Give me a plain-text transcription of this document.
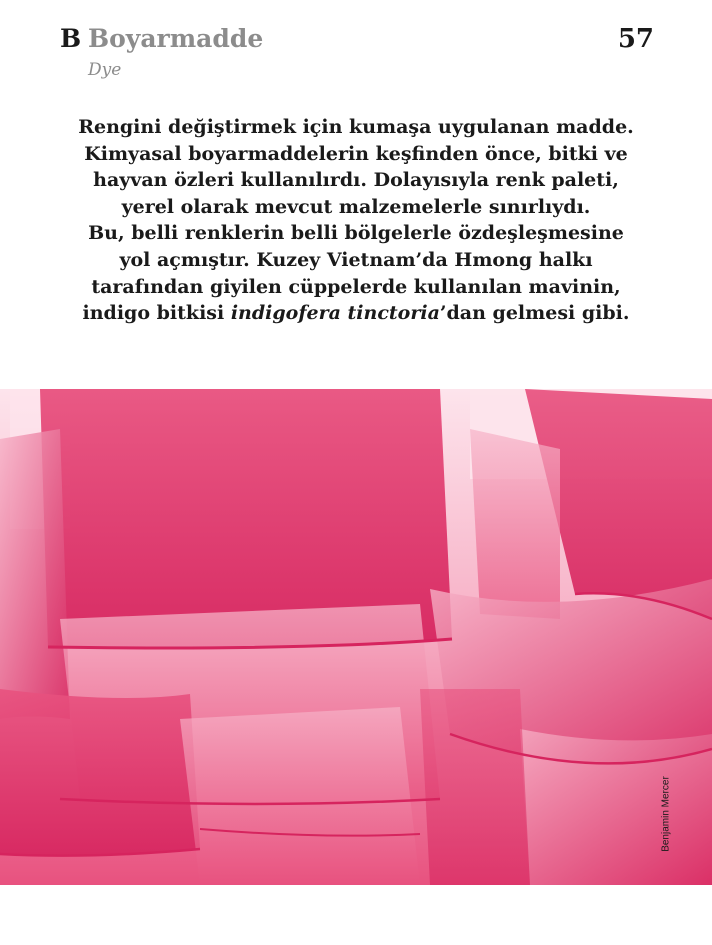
B Boyarmadde
Dye
57

Rengini değiştirmek için kumaşa uygulanan madde.
Kimyasal boyarmaddelerin keşfinden önce, bitki ve
hayvan özleri kullanılırdı. Dolayısıyla renk paleti,
yerel olarak mevcut malzemelerle sınırlıydı.
Bu, belli renklerin belli bölgelerle özdeşleşmesine
yol açmıştır. Kuzey Vietnam’da Hmong halkı
tarafından giyilen cüppelerde kullanılan mavinin,
indigo bitkisi indigofera tinctoria’dan gelmesi gibi.

Benjamin Mercer
